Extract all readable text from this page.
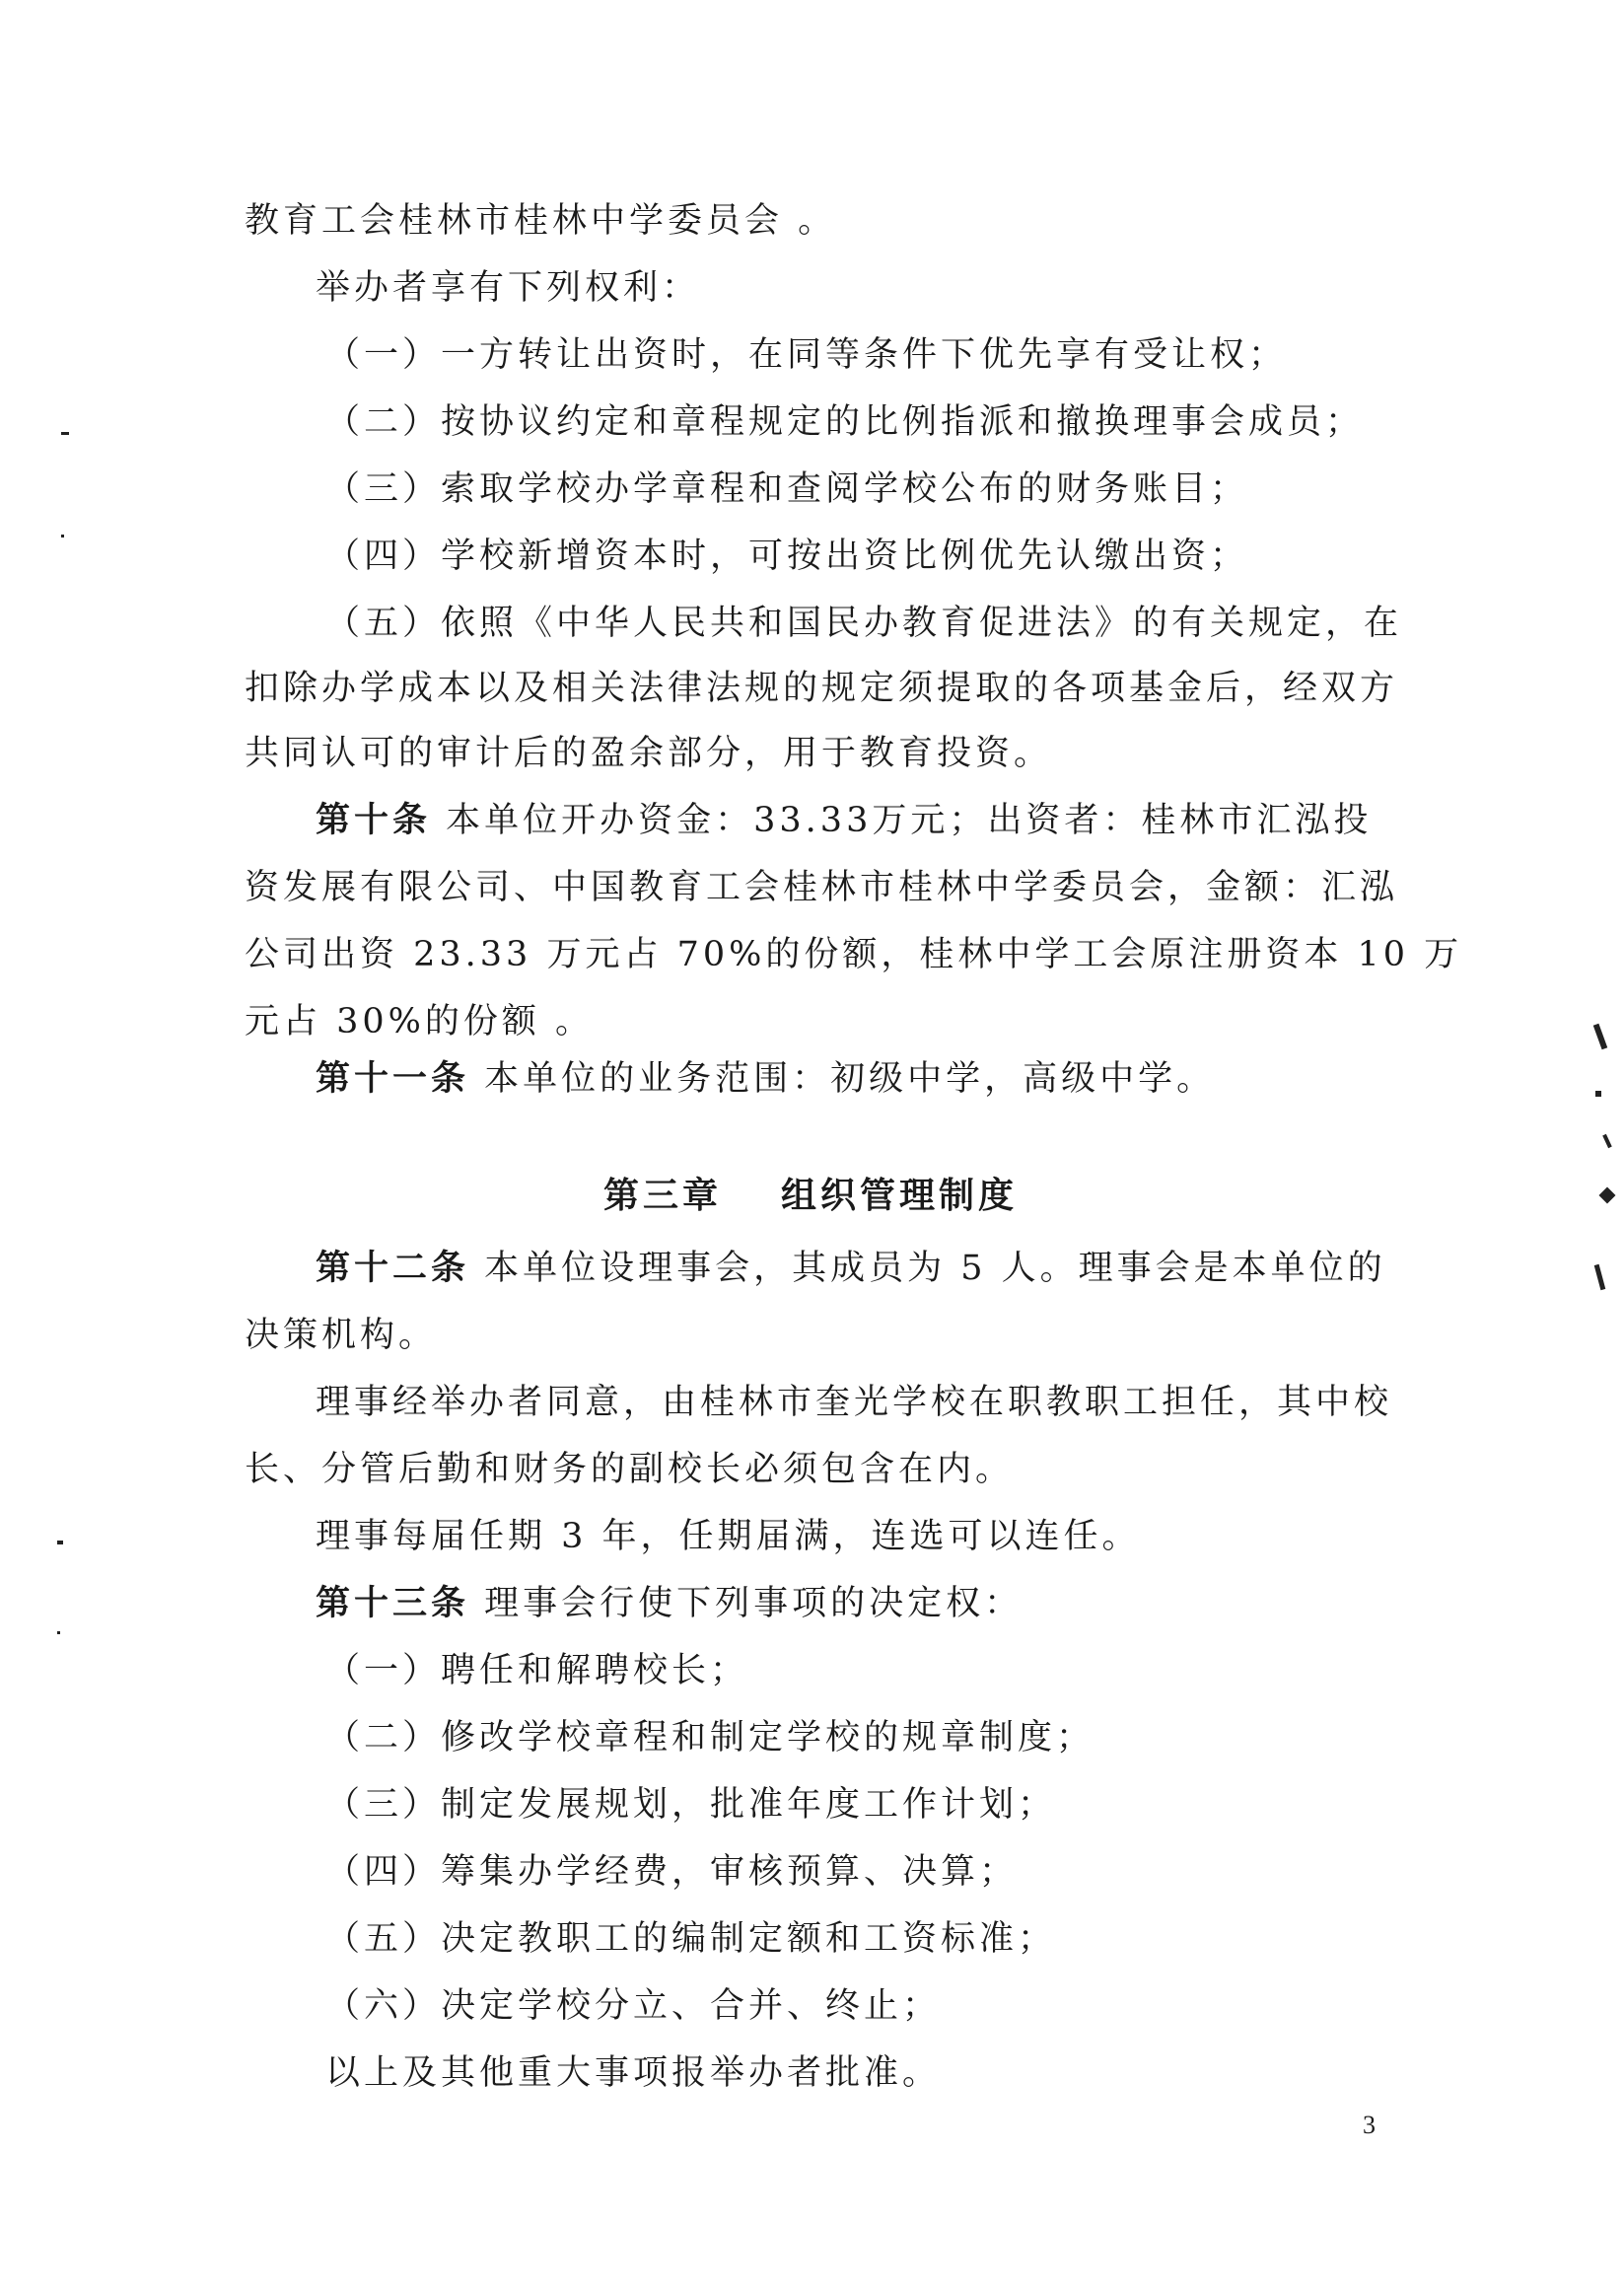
教育工会桂林市桂林中学委员会 。
举办者享有下列权利：
（一）一方转让出资时，在同等条件下优先享有受让权；
（二）按协议约定和章程规定的比例指派和撤换理事会成员；
（三）索取学校办学章程和查阅学校公布的财务账目；
（四）学校新增资本时，可按出资比例优先认缴出资；
（五）依照《中华人民共和国民办教育促进法》的有关规定，在
扣除办学成本以及相关法律法规的规定须提取的各项基金后，经双方
共同认可的审计后的盈余部分，用于教育投资。
第十条 本单位开办资金：33.33万元；出资者：桂林市汇泓投
资发展有限公司、中国教育工会桂林市桂林中学委员会，金额：汇泓
公司出资 23.33 万元占 70%的份额，桂林中学工会原注册资本 10 万
元占 30%的份额 。
第十一条 本单位的业务范围：初级中学，高级中学。
第三章 组织管理制度
第十二条 本单位设理事会，其成员为 5 人。理事会是本单位的
决策机构。
理事经举办者同意，由桂林市奎光学校在职教职工担任，其中校
长、分管后勤和财务的副校长必须包含在内。
理事每届任期 3 年，任期届满，连选可以连任。
第十三条 理事会行使下列事项的决定权：
（一）聘任和解聘校长；
（二）修改学校章程和制定学校的规章制度；
（三）制定发展规划，批准年度工作计划；
（四）筹集办学经费，审核预算、决算；
（五）决定教职工的编制定额和工资标准；
（六）决定学校分立、合并、终止；
以上及其他重大事项报举办者批准。
3
